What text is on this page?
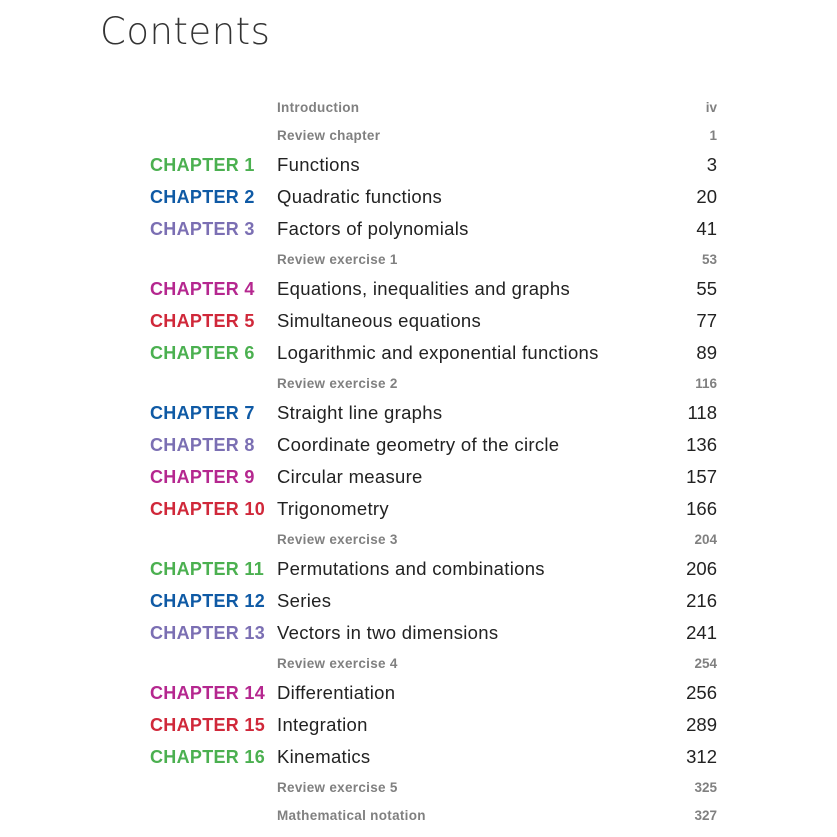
Contents
Introduction	iv
Review chapter	1
CHAPTER 1	Functions	3
CHAPTER 2	Quadratic functions	20
CHAPTER 3	Factors of polynomials	41
Review exercise 1	53
CHAPTER 4	Equations, inequalities and graphs	55
CHAPTER 5	Simultaneous equations	77
CHAPTER 6	Logarithmic and exponential functions	89
Review exercise 2	116
CHAPTER 7	Straight line graphs	118
CHAPTER 8	Coordinate geometry of the circle	136
CHAPTER 9	Circular measure	157
CHAPTER 10 Trigonometry	166
Review exercise 3	204
CHAPTER 11 Permutations and combinations	206
CHAPTER 12 Series	216
CHAPTER 13 Vectors in two dimensions	241
Review exercise 4	254
CHAPTER 14 Differentiation	256
CHAPTER 15 Integration	289
CHAPTER 16 Kinematics	312
Review exercise 5	325
Mathematical notation	327
